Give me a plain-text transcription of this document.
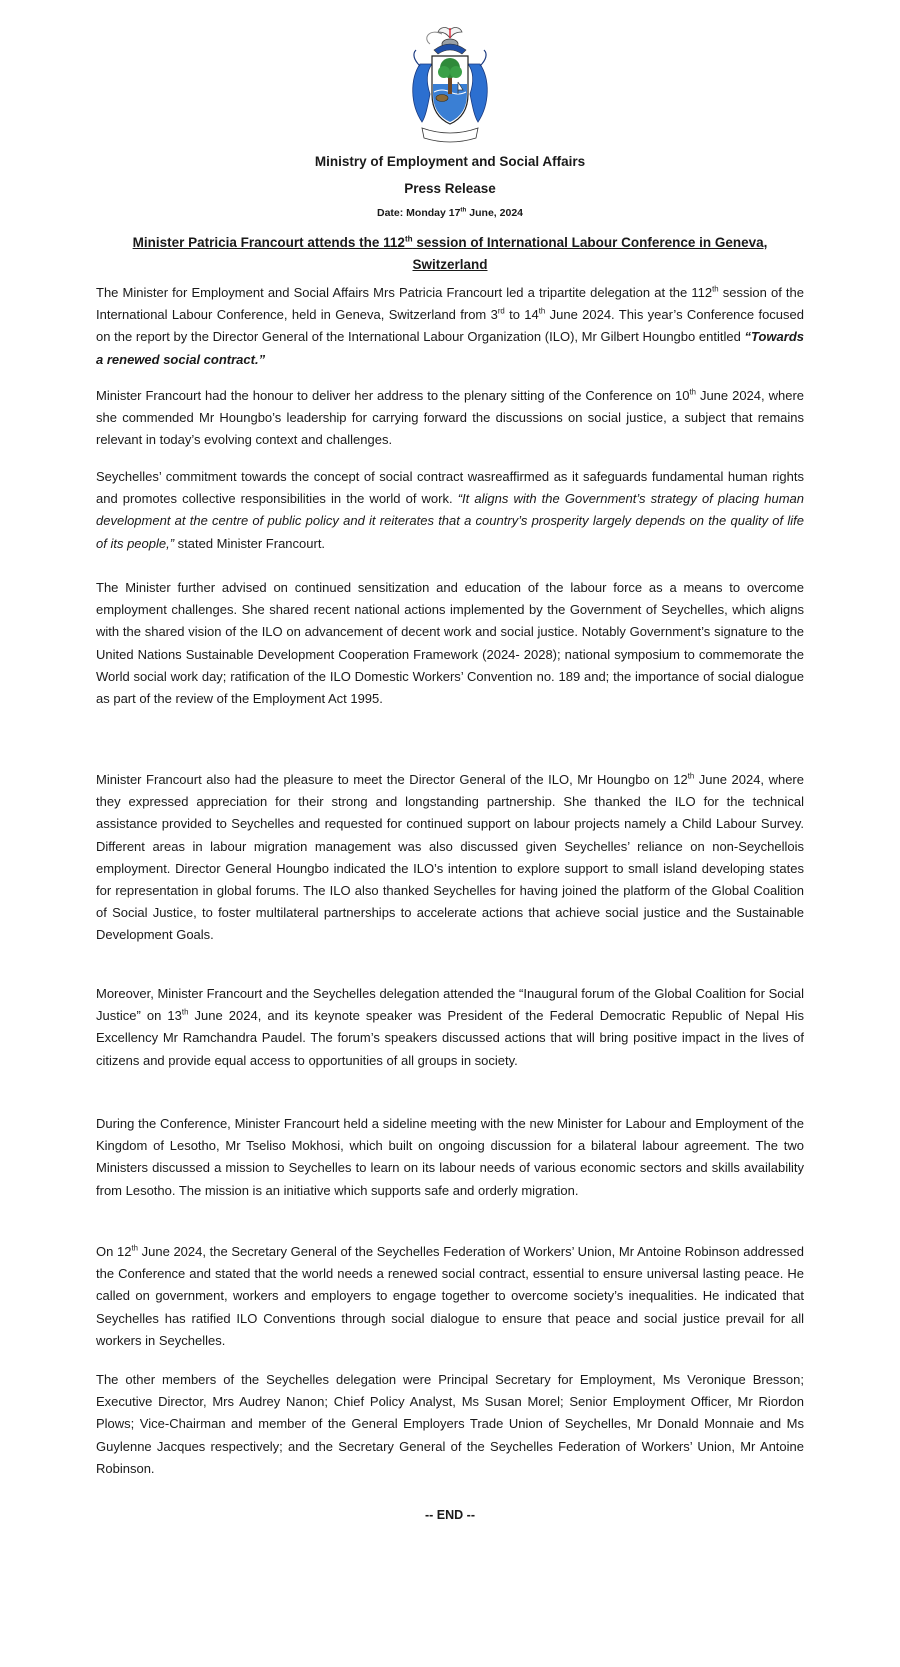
Ministry of Employment and Social Affairs
Press Release
Date: Monday 17th June, 2024
Minister Patricia Francourt attends the 112th session of International Labour Conference in Geneva, Switzerland

The Minister for Employment and Social Affairs Mrs Patricia Francourt led a tripartite delegation at the 112th session of the International Labour Conference, held in Geneva, Switzerland from 3rd to 14th June 2024. This year’s Conference focused on the report by the Director General of the International Labour Organization (ILO), Mr Gilbert Houngbo entitled “Towards a renewed social contract.”

Minister Francourt had the honour to deliver her address to the plenary sitting of the Conference on 10th June 2024, where she commended Mr Houngbo’s leadership for carrying forward the discussions on social justice, a subject that remains relevant in today’s evolving context and challenges.

Seychelles’ commitment towards the concept of social contract wasreaffirmed as it safeguards fundamental human rights and promotes collective responsibilities in the world of work. “It aligns with the Government’s strategy of placing human development at the centre of public policy and it reiterates that a country’s prosperity largely depends on the quality of life of its people,” stated Minister Francourt.

The Minister further advised on continued sensitization and education of the labour force as a means to overcome employment challenges. She shared recent national actions implemented by the Government of Seychelles, which aligns with the shared vision of the ILO on advancement of decent work and social justice. Notably Government’s signature to the United Nations Sustainable Development Cooperation Framework (2024- 2028); national symposium to commemorate the World social work day; ratification of the ILO Domestic Workers’ Convention no. 189 and; the importance of social dialogue as part of the review of the Employment Act 1995.

Minister Francourt also had the pleasure to meet the Director General of the ILO, Mr Houngbo on 12th June 2024, where they expressed appreciation for their strong and longstanding partnership. She thanked the ILO for the technical assistance provided to Seychelles and requested for continued support on labour projects namely a Child Labour Survey. Different areas in labour migration management was also discussed given Seychelles’ reliance on non-Seychellois employment. Director General Houngbo indicated the ILO’s intention to explore support to small island developing states for representation in global forums. The ILO also thanked Seychelles for having joined the platform of the Global Coalition of Social Justice, to foster multilateral partnerships to accelerate actions that achieve social justice and the Sustainable Development Goals.

Moreover, Minister Francourt and the Seychelles delegation attended the “Inaugural forum of the Global Coalition for Social Justice” on 13th June 2024, and its keynote speaker was President of the Federal Democratic Republic of Nepal His Excellency Mr Ramchandra Paudel. The forum’s speakers discussed actions that will bring positive impact in the lives of citizens and provide equal access to opportunities of all groups in society.

During the Conference, Minister Francourt held a sideline meeting with the new Minister for Labour and Employment of the Kingdom of Lesotho, Mr Tseliso Mokhosi, which built on ongoing discussion for a bilateral labour agreement. The two Ministers discussed a mission to Seychelles to learn on its labour needs of various economic sectors and skills availability from Lesotho. The mission is an initiative which supports safe and orderly migration.

On 12th June 2024, the Secretary General of the Seychelles Federation of Workers’ Union, Mr Antoine Robinson addressed the Conference and stated that the world needs a renewed social contract, essential to ensure universal lasting peace. He called on government, workers and employers to engage together to overcome society’s inequalities. He indicated that Seychelles has ratified ILO Conventions through social dialogue to ensure that peace and social justice prevail for all workers in Seychelles.

The other members of the Seychelles delegation were Principal Secretary for Employment, Ms Veronique Bresson; Executive Director, Mrs Audrey Nanon; Chief Policy Analyst, Ms Susan Morel; Senior Employment Officer, Mr Riordon Plows; Vice-Chairman and member of the General Employers Trade Union of Seychelles, Mr Donald Monnaie and Ms Guylenne Jacques respectively; and the Secretary General of the Seychelles Federation of Workers’ Union, Mr Antoine Robinson.

-- END --
